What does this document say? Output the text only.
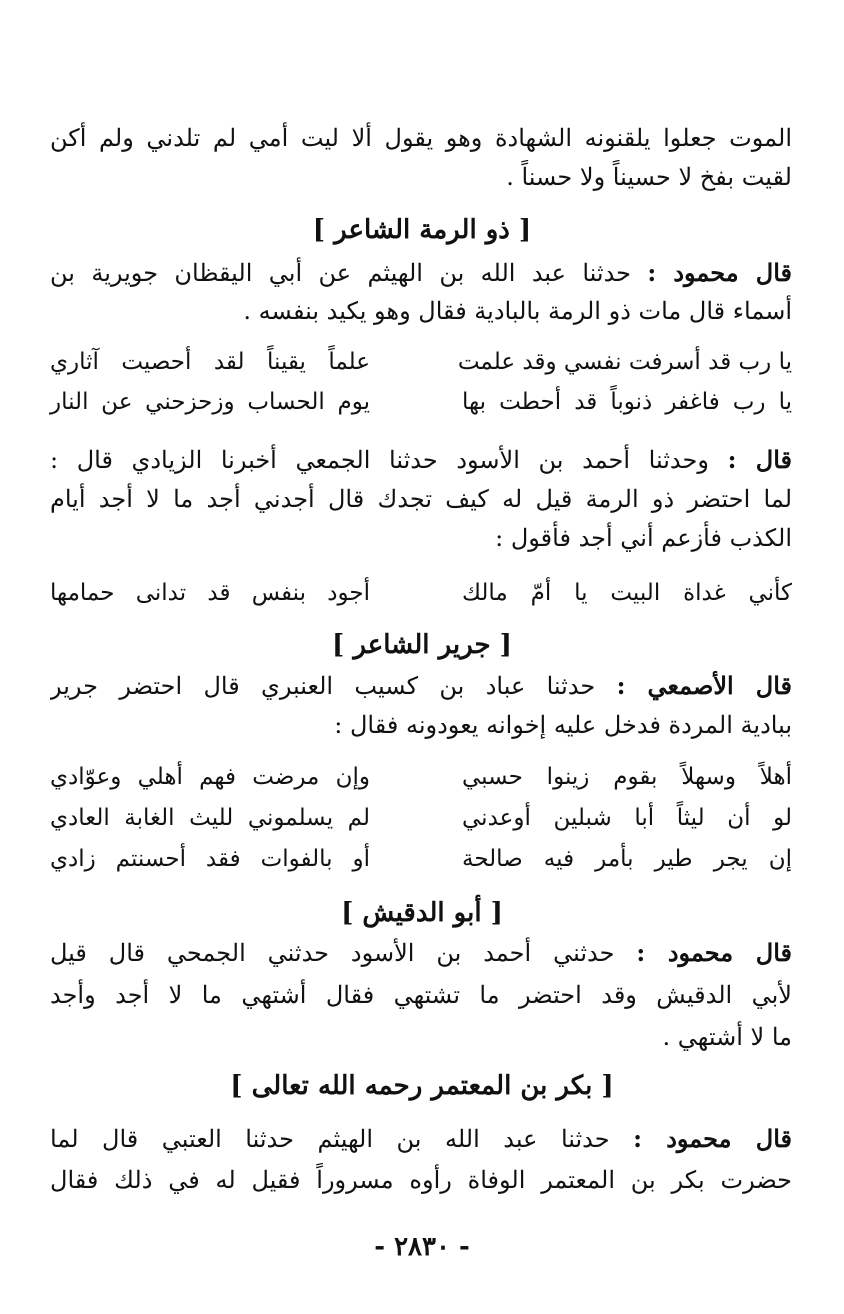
الموت جعلوا يلقنونه الشهادة وهو يقول ألا ليت أمي لم تلدني ولم أكن
لقيت بفخ لا حسيناً ولا حسناً .
[ ذو الرمة الشاعر ]
قال محمود : حدثنا عبد الله بن الهيثم عن أبي اليقظان جويرية بن
أسماء قال مات ذو الرمة بالبادية فقال وهو يكيد بنفسه .
يا رب قد أسرفت نفسي وقد علمت
علماً يقيناً لقد أحصيت آثاري
يا رب فاغفر ذنوباً قد أحطت بها
يوم الحساب وزحزحني عن النار
قال : وحدثنا أحمد بن الأسود حدثنا الجمعي أخبرنا الزيادي قال :
لما احتضر ذو الرمة قيل له كيف تجدك قال أجدني أجد ما لا أجد أيام
الكذب فأزعم أني أجد فأقول :
كأني غداة البيت يا أمّ مالك
أجود بنفس قد تدانى حمامها
[ جرير الشاعر ]
قال الأصمعي : حدثنا عباد بن كسيب العنبري قال احتضر جرير
ببادية المردة فدخل عليه إخوانه يعودونه فقال :
أهلاً وسهلاً بقوم زينوا حسبي
وإن مرضت فهم أهلي وعوّادي
لو أن ليثاً أبا شبلين أوعدني
لم يسلموني لليث الغابة العادي
إن يجر طير بأمر فيه صالحة
أو بالفوات فقد أحسنتم زادي
[ أبو الدقيش ]
قال محمود : حدثني أحمد بن الأسود حدثني الجمحي قال قيل
لأبي الدقيش وقد احتضر ما تشتهي فقال أشتهي ما لا أجد وأجد
ما لا أشتهي .
[ بكر بن المعتمر رحمه الله تعالى ]
قال محمود : حدثنا عبد الله بن الهيثم حدثنا العتبي قال لما
حضرت بكر بن المعتمر الوفاة رأوه مسروراً فقيل له في ذلك فقال
- ٢٨٣٠ -
